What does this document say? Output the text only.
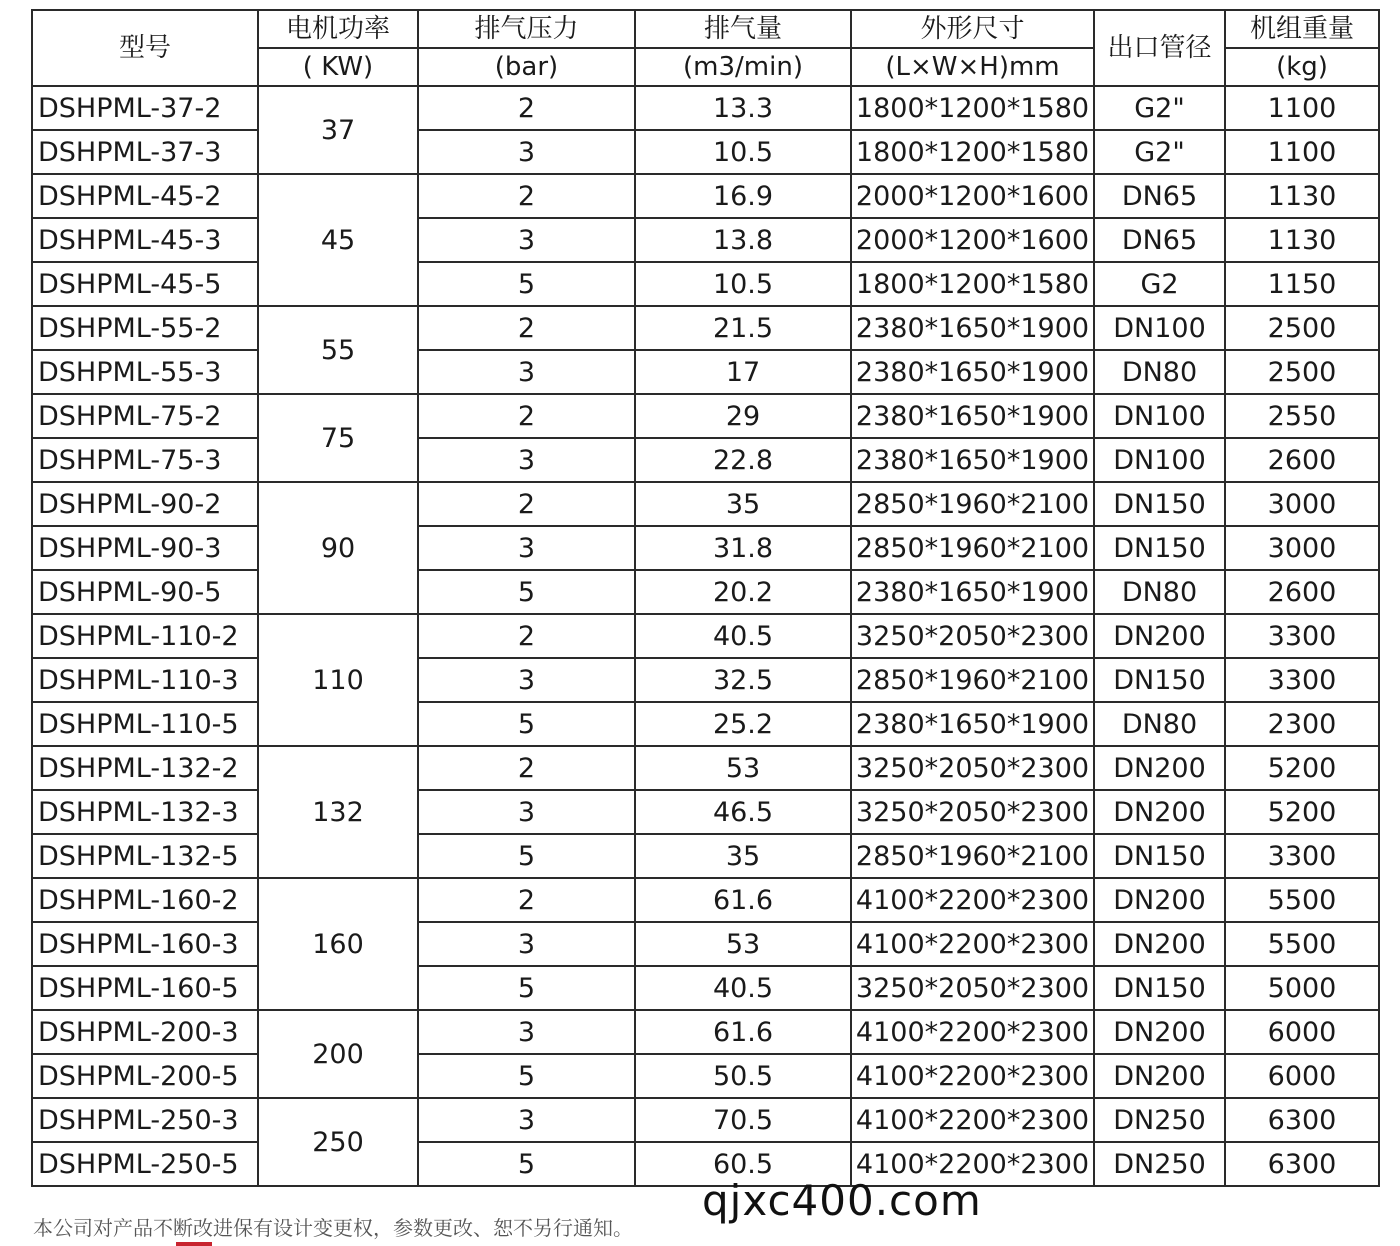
型号	电机功率	排气压力	排气量	外形尺寸	出口管径	机组重量
	( KW)	(bar)	(m3/min)	(L×W×H)mm		(kg)
DSHPML-37-2	37	2	13.3	1800*1200*1580	G2"	1100
DSHPML-37-3		3	10.5	1800*1200*1580	G2"	1100
DSHPML-45-2	45	2	16.9	2000*1200*1600	DN65	1130
DSHPML-45-3		3	13.8	2000*1200*1600	DN65	1130
DSHPML-45-5		5	10.5	1800*1200*1580	G2	1150
DSHPML-55-2	55	2	21.5	2380*1650*1900	DN100	2500
DSHPML-55-3		3	17	2380*1650*1900	DN80	2500
DSHPML-75-2	75	2	29	2380*1650*1900	DN100	2550
DSHPML-75-3		3	22.8	2380*1650*1900	DN100	2600
DSHPML-90-2	90	2	35	2850*1960*2100	DN150	3000
DSHPML-90-3		3	31.8	2850*1960*2100	DN150	3000
DSHPML-90-5		5	20.2	2380*1650*1900	DN80	2600
DSHPML-110-2	110	2	40.5	3250*2050*2300	DN200	3300
DSHPML-110-3		3	32.5	2850*1960*2100	DN150	3300
DSHPML-110-5		5	25.2	2380*1650*1900	DN80	2300
DSHPML-132-2	132	2	53	3250*2050*2300	DN200	5200
DSHPML-132-3		3	46.5	3250*2050*2300	DN200	5200
DSHPML-132-5		5	35	2850*1960*2100	DN150	3300
DSHPML-160-2	160	2	61.6	4100*2200*2300	DN200	5500
DSHPML-160-3		3	53	4100*2200*2300	DN200	5500
DSHPML-160-5		5	40.5	3250*2050*2300	DN150	5000
DSHPML-200-3	200	3	61.6	4100*2200*2300	DN200	6000
DSHPML-200-5		5	50.5	4100*2200*2300	DN200	6000
DSHPML-250-3	250	3	70.5	4100*2200*2300	DN250	6300
DSHPML-250-5		5	60.5	4100*2200*2300	DN250	6300
本公司对产品不断改进保有设计变更权，参数更改、恕不另行通知。
qjxc400.com
